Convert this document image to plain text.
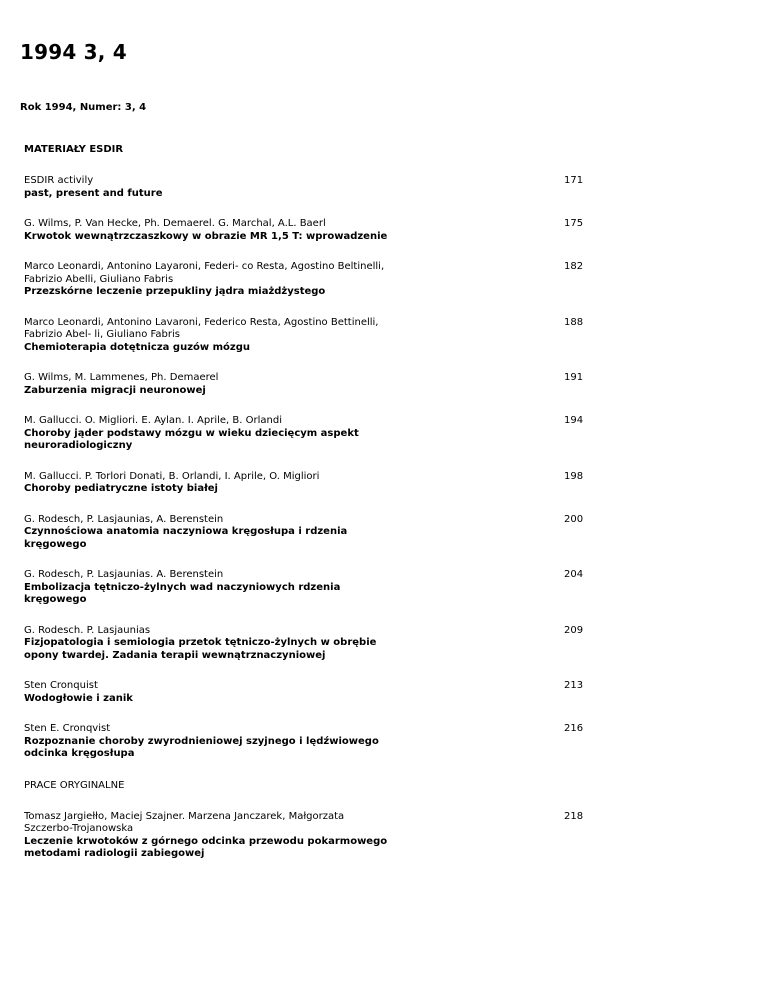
1994 3, 4
Rok 1994, Numer: 3, 4
MATERIAŁY ESDIR
ESDIR activily
past, present and future
171
G. Wilms, P. Van Hecke, Ph. Demaerel. G. Marchal, A.L. Baerl
Krwotok wewnątrzczaszkowy w obrazie MR 1,5 T: wprowadzenie
175
Marco Leonardi, Antonino Layaroni, Federi- co Resta, Agostino Beltinelli, Fabrizio Abelli, Giuliano Fabris
Przezskórne leczenie przepukliny jądra miażdżystego
182
Marco Leonardi, Antonino Lavaroni, Federico Resta, Agostino Bettinelli, Fabrizio Abel- li, Giuliano Fabris
Chemioterapia dotętnicza guzów mózgu
188
G. Wilms, M. Lammenes, Ph. Demaerel
Zaburzenia migracji neuronowej
191
M. Gallucci. O. Migliori. E. Aylan. I. Aprile, B. Orlandi
Choroby jąder podstawy mózgu w wieku dziecięcym aspekt neuroradiologiczny
194
M. Gallucci. P. Torlori Donati, B. Orlandi, I. Aprile, O. Migliori
Choroby pediatryczne istoty białej
198
G. Rodesch, P. Lasjaunias, A. Berenstein
Czynnościowa anatomia naczyniowa kręgosłupa i rdzenia kręgowego
200
G. Rodesch, P. Lasjaunias. A. Berenstein
Embolizacja tętniczo-żylnych wad naczyniowych rdzenia kręgowego
204
G. Rodesch. P. Lasjaunias
Fizjopatologia i semiologia przetok tętniczo-żylnych w obrębie opony twardej. Zadania terapii wewnątrznaczyniowej
209
Sten Cronquist
Wodogłowie i zanik
213
Sten E. Cronqvist
Rozpoznanie choroby zwyrodnieniowej szyjnego i lędźwiowego odcinka kręgosłupa
216
PRACE ORYGINALNE
Tomasz Jargiełło, Maciej Szajner. Marzena Janczarek, Małgorzata Szczerbo-Trojanowska
Leczenie krwotoków z górnego odcinka przewodu pokarmowego metodami radiologii zabiegowej
218
